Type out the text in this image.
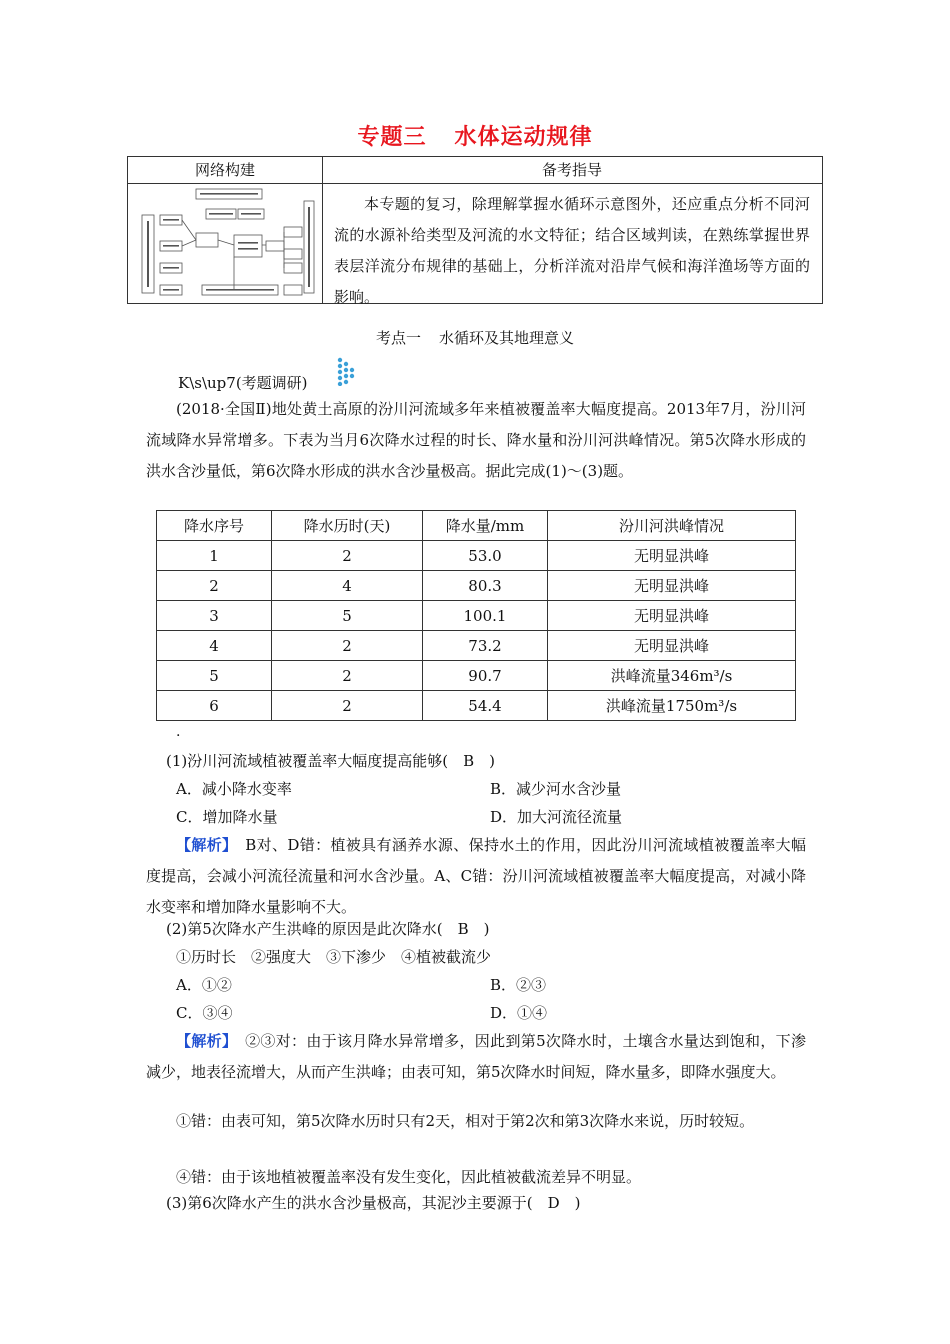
专题三 水体运动规律
网络构建	备考指导
本专题的复习，除理解掌握水循环示意图外，还应重点分析不同河流的水源补给类型及河流的水文特征；结合区域判读，在熟练掌握世界表层洋流分布规律的基础上，分析洋流对沿岸气候和海洋渔场等方面的影响。
考点一 水循环及其地理意义
K\s\up7(考题调研)
(2018·全国Ⅱ)地处黄土高原的汾川河流域多年来植被覆盖率大幅度提高。2013年7月，汾川河流域降水异常增多。下表为当月6次降水过程的时长、降水量和汾川河洪峰情况。第5次降水形成的洪水含沙量低，第6次降水形成的洪水含沙量极高。据此完成(1)～(3)题。
降水序号	降水历时(天)	降水量/mm	汾川河洪峰情况
1	2	53.0	无明显洪峰
2	4	80.3	无明显洪峰
3	5	100.1	无明显洪峰
4	2	73.2	无明显洪峰
5	2	90.7	洪峰流量346m³/s
6	2	54.4	洪峰流量1750m³/s
.
(1)汾川河流域植被覆盖率大幅度提高能够(　B　)
A．减小降水变率	B．减少河水含沙量
C．增加降水量	D．加大河流径流量
【解析】　B对、D错：植被具有涵养水源、保持水土的作用，因此汾川河流域植被覆盖率大幅度提高，会减小河流径流量和河水含沙量。A、C错：汾川河流域植被覆盖率大幅度提高，对减小降水变率和增加降水量影响不大。
(2)第5次降水产生洪峰的原因是此次降水(　B　)
①历时长　②强度大　③下渗少　④植被截流少
A．①②	B．②③
C．③④	D．①④
【解析】　②③对：由于该月降水异常增多，因此到第5次降水时，土壤含水量达到饱和，下渗减少，地表径流增大，从而产生洪峰；由表可知，第5次降水时间短，降水量多，即降水强度大。
①错：由表可知，第5次降水历时只有2天，相对于第2次和第3次降水来说，历时较短。
④错：由于该地植被覆盖率没有发生变化，因此植被截流差异不明显。
(3)第6次降水产生的洪水含沙量极高，其泥沙主要源于(　D　)
